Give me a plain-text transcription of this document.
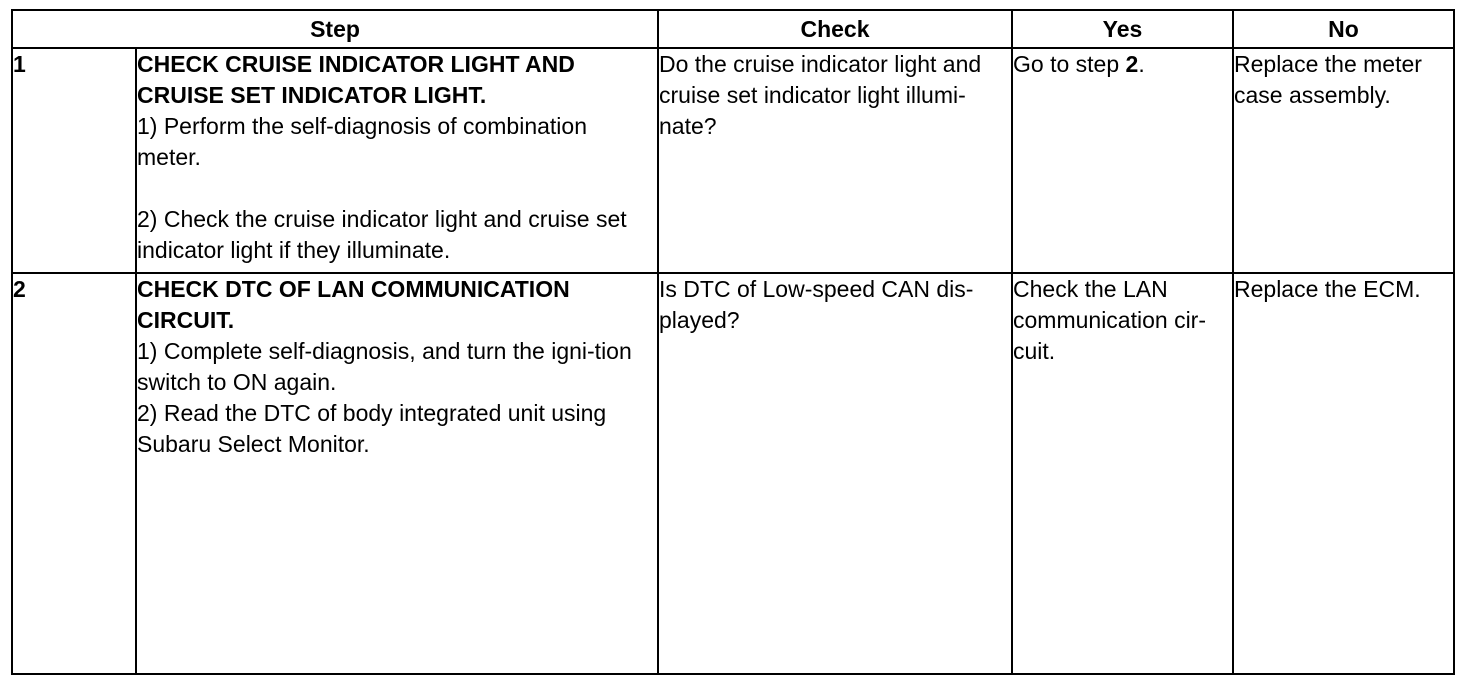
Step		Check	Yes	No
1	CHECK CRUISE INDICATOR LIGHT AND CRUISE SET INDICATOR LIGHT.
1) Perform the self-diagnosis of combination meter.
2) Check the cruise indicator light and cruise set indicator light if they illuminate.	Do the cruise indicator light and cruise set indicator light illumi-nate?	Go to step 2.	Replace the meter case assembly.
2	CHECK DTC OF LAN COMMUNICATION CIRCUIT.
1) Complete self-diagnosis, and turn the igni-tion switch to ON again.
2) Read the DTC of body integrated unit using Subaru Select Monitor.	Is DTC of Low-speed CAN dis-played?	Check the LAN communication cir-cuit.	Replace the ECM.
